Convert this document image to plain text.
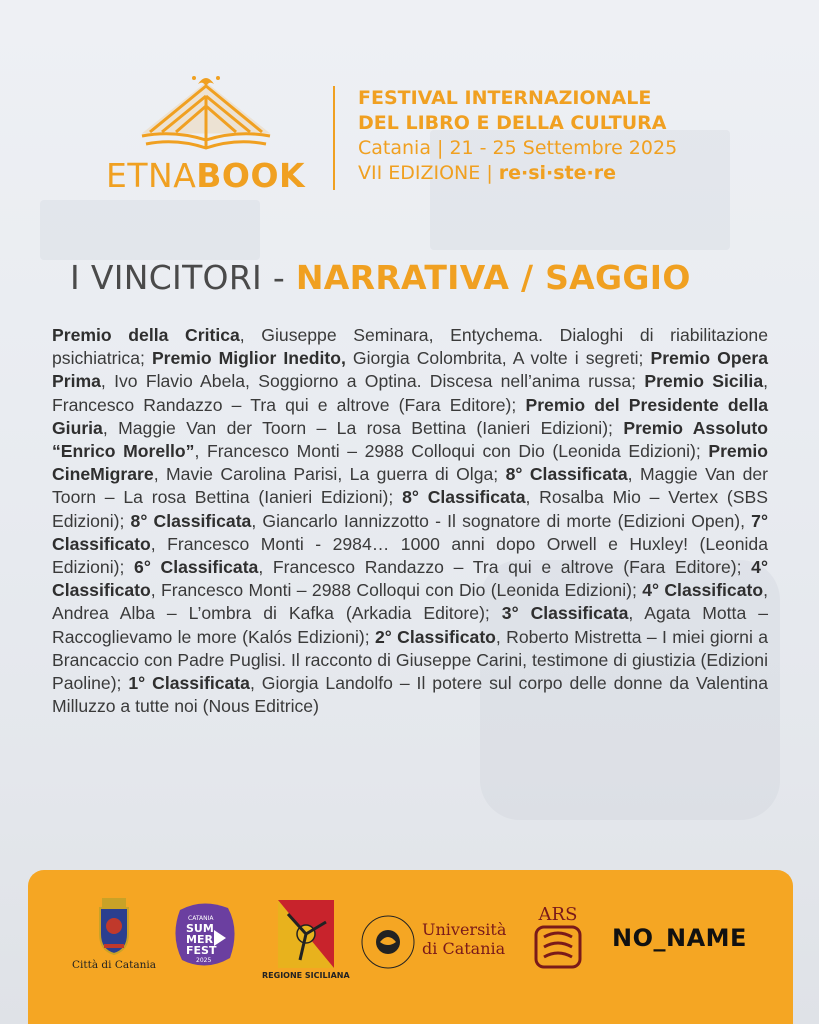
ETNABOOK
FESTIVAL INTERNAZIONALE
DEL LIBRO E DELLA CULTURA
Catania | 21 - 25 Settembre 2025
VII EDIZIONE | re·si·ste·re
I VINCITORI - NARRATIVA / SAGGIO
Premio della Critica, Giuseppe Seminara, Entychema. Dialoghi di riabilitazione psichiatrica; Premio Miglior Inedito, Giorgia Colombrita, A volte i segreti; Premio Opera Prima, Ivo Flavio Abela, Soggiorno a Optina. Discesa nell’anima russa; Premio Sicilia, Francesco Randazzo – Tra qui e altrove (Fara Editore); Premio del Presidente della Giuria, Maggie Van der Toorn – La rosa Bettina (Ianieri Edizioni); Premio Assoluto “Enrico Morello”, Francesco Monti – 2988 Colloqui con Dio (Leonida Edizioni); Premio CineMigrare, Mavie Carolina Parisi, La guerra di Olga; 8° Classificata, Maggie Van der Toorn – La rosa Bettina (Ianieri Edizioni); 8° Classificata, Rosalba Mio – Vertex (SBS Edizioni); 8° Classificata, Giancarlo Iannizzotto - Il sognatore di morte (Edizioni Open), 7° Classificato, Francesco Monti - 2984… 1000 anni dopo Orwell e Huxley! (Leonida Edizioni); 6° Classificata, Francesco Randazzo – Tra qui e altrove (Fara Editore); 4° Classificato, Francesco Monti – 2988 Colloqui con Dio (Leonida Edizioni); 4° Classificato, Andrea Alba – L’ombra di Kafka (Arkadia Editore); 3° Classificata, Agata Motta – Raccoglievamo le more (Kalós Edizioni); 2° Classificato, Roberto Mistretta – I miei giorni a Brancaccio con Padre Puglisi. Il racconto di Giuseppe Carini, testimone di giustizia (Edizioni Paoline); 1° Classificata, Giorgia Landolfo – Il potere sul corpo delle donne da Valentina Milluzzo a tutte noi (Nous Editrice)
Città di Catania
CATANIA
SUM
MER
FEST
2025
REGIONE SICILIANA
Università
di Catania
ARS
NO_NAME
